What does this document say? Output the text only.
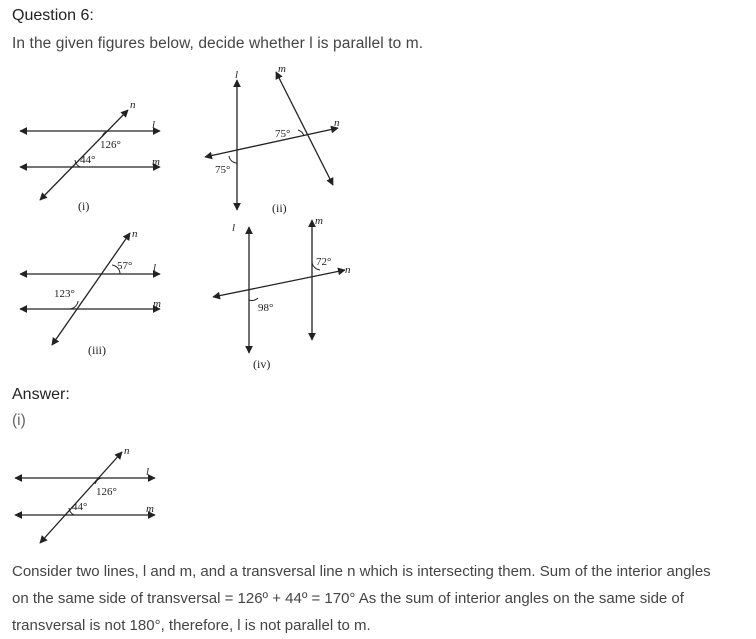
Question 6:
In the given figures below, decide whether l is parallel to m.
126°
44°
n
l
m
(i)
75°
75°
l	m
n
(ii)
57°
123°
n
l
m
(iii)
98°
72°
l
m
n
(iv)
Answer:
(i)
126°
44°
n
l
m
Consider two lines, l and m, and a transversal line n which is intersecting them. Sum of the interior angles
on the same side of transversal = 126º + 44º = 170° As the sum of interior angles on the same side of
transversal is not 180°, therefore, l is not parallel to m.
